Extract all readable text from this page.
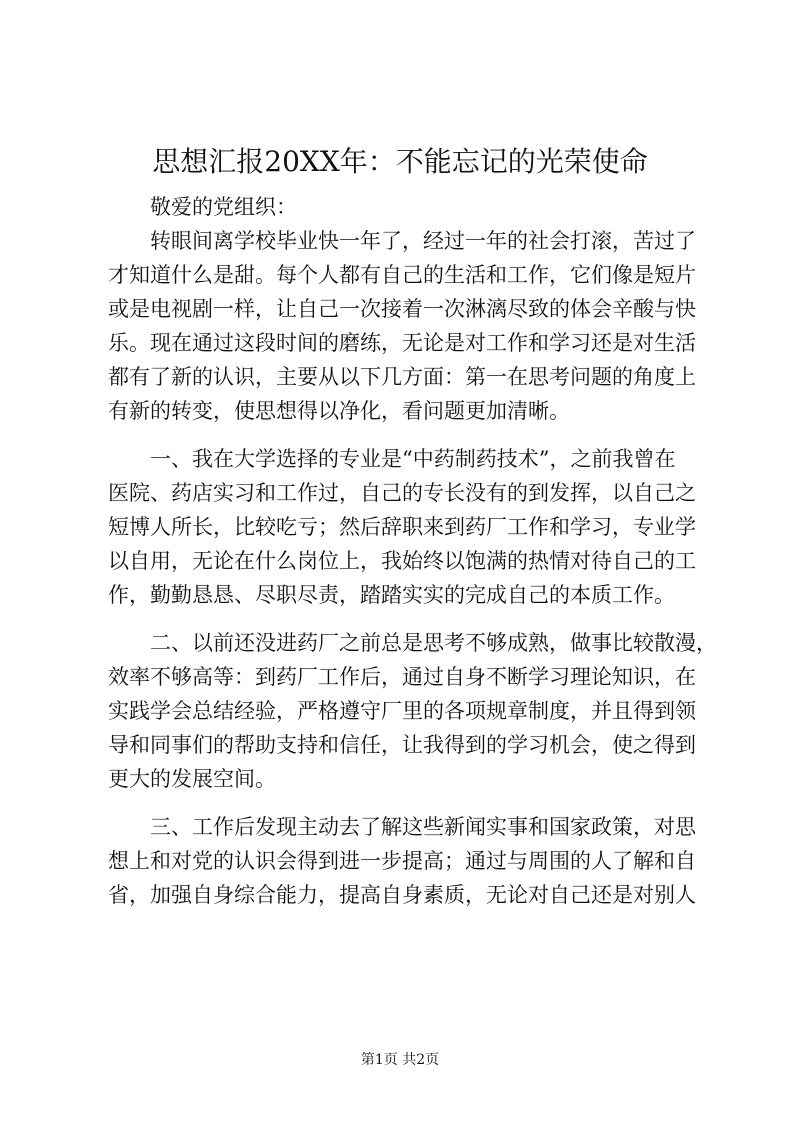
思想汇报20XX年：不能忘记的光荣使命

敬爱的党组织：

转眼间离学校毕业快一年了，经过一年的社会打滚，苦过了
才知道什么是甜。每个人都有自己的生活和工作，它们像是短片
或是电视剧一样，让自己一次接着一次淋漓尽致的体会辛酸与快
乐。现在通过这段时间的磨练，无论是对工作和学习还是对生活
都有了新的认识，主要从以下几方面：第一在思考问题的角度上
有新的转变，使思想得以净化，看问题更加清晰。

一、我在大学选择的专业是“中药制药技术”，之前我曾在
医院、药店实习和工作过，自己的专长没有的到发挥，以自己之
短博人所长，比较吃亏；然后辞职来到药厂工作和学习，专业学
以自用，无论在什么岗位上，我始终以饱满的热情对待自己的工
作，勤勤恳恳、尽职尽责，踏踏实实的完成自己的本质工作。

二、以前还没进药厂之前总是思考不够成熟，做事比较散漫，
效率不够高等：到药厂工作后，通过自身不断学习理论知识，在
实践学会总结经验，严格遵守厂里的各项规章制度，并且得到领
导和同事们的帮助支持和信任，让我得到的学习机会，使之得到
更大的发展空间。

三、工作后发现主动去了解这些新闻实事和国家政策，对思
想上和对党的认识会得到进一步提高；通过与周围的人了解和自
省，加强自身综合能力，提高自身素质，无论对自己还是对别人

第1页 共2页
